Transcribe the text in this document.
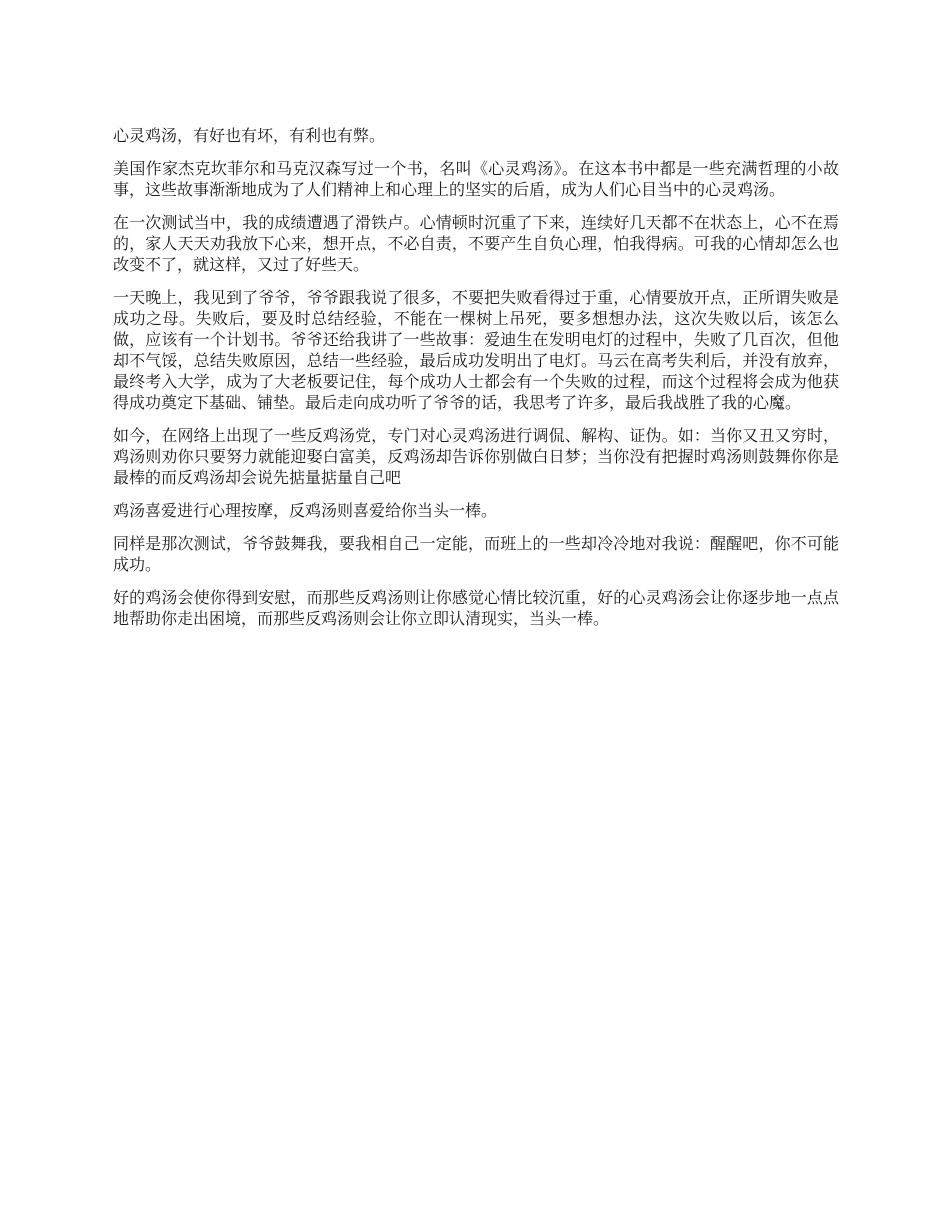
心灵鸡汤，有好也有坏，有利也有弊。

美国作家杰克坎菲尔和马克汉森写过一个书，名叫《心灵鸡汤》。在这本书中都是一些充满哲理的小故事，这些故事渐渐地成为了人们精神上和心理上的坚实的后盾，成为人们心目当中的心灵鸡汤。

在一次测试当中，我的成绩遭遇了滑铁卢。心情顿时沉重了下来，连续好几天都不在状态上，心不在焉的，家人天天劝我放下心来，想开点，不必自责，不要产生自负心理，怕我得病。可我的心情却怎么也改变不了，就这样，又过了好些天。

一天晚上，我见到了爷爷，爷爷跟我说了很多，不要把失败看得过于重，心情要放开点，正所谓失败是成功之母。失败后，要及时总结经验，不能在一棵树上吊死，要多想想办法，这次失败以后，该怎么做，应该有一个计划书。爷爷还给我讲了一些故事：爱迪生在发明电灯的过程中，失败了几百次，但他却不气馁，总结失败原因，总结一些经验，最后成功发明出了电灯。马云在高考失利后，并没有放弃，最终考入大学，成为了大老板要记住，每个成功人士都会有一个失败的过程，而这个过程将会成为他获得成功奠定下基础、铺垫。最后走向成功听了爷爷的话，我思考了许多，最后我战胜了我的心魔。

如今，在网络上出现了一些反鸡汤党，专门对心灵鸡汤进行调侃、解构、证伪。如：当你又丑又穷时，鸡汤则劝你只要努力就能迎娶白富美，反鸡汤却告诉你别做白日梦；当你没有把握时鸡汤则鼓舞你你是最棒的而反鸡汤却会说先掂量掂量自己吧

鸡汤喜爱进行心理按摩，反鸡汤则喜爱给你当头一棒。

同样是那次测试，爷爷鼓舞我，要我相自己一定能，而班上的一些却冷冷地对我说：醒醒吧，你不可能成功。

好的鸡汤会使你得到安慰，而那些反鸡汤则让你感觉心情比较沉重，好的心灵鸡汤会让你逐步地一点点地帮助你走出困境，而那些反鸡汤则会让你立即认清现实，当头一棒。
